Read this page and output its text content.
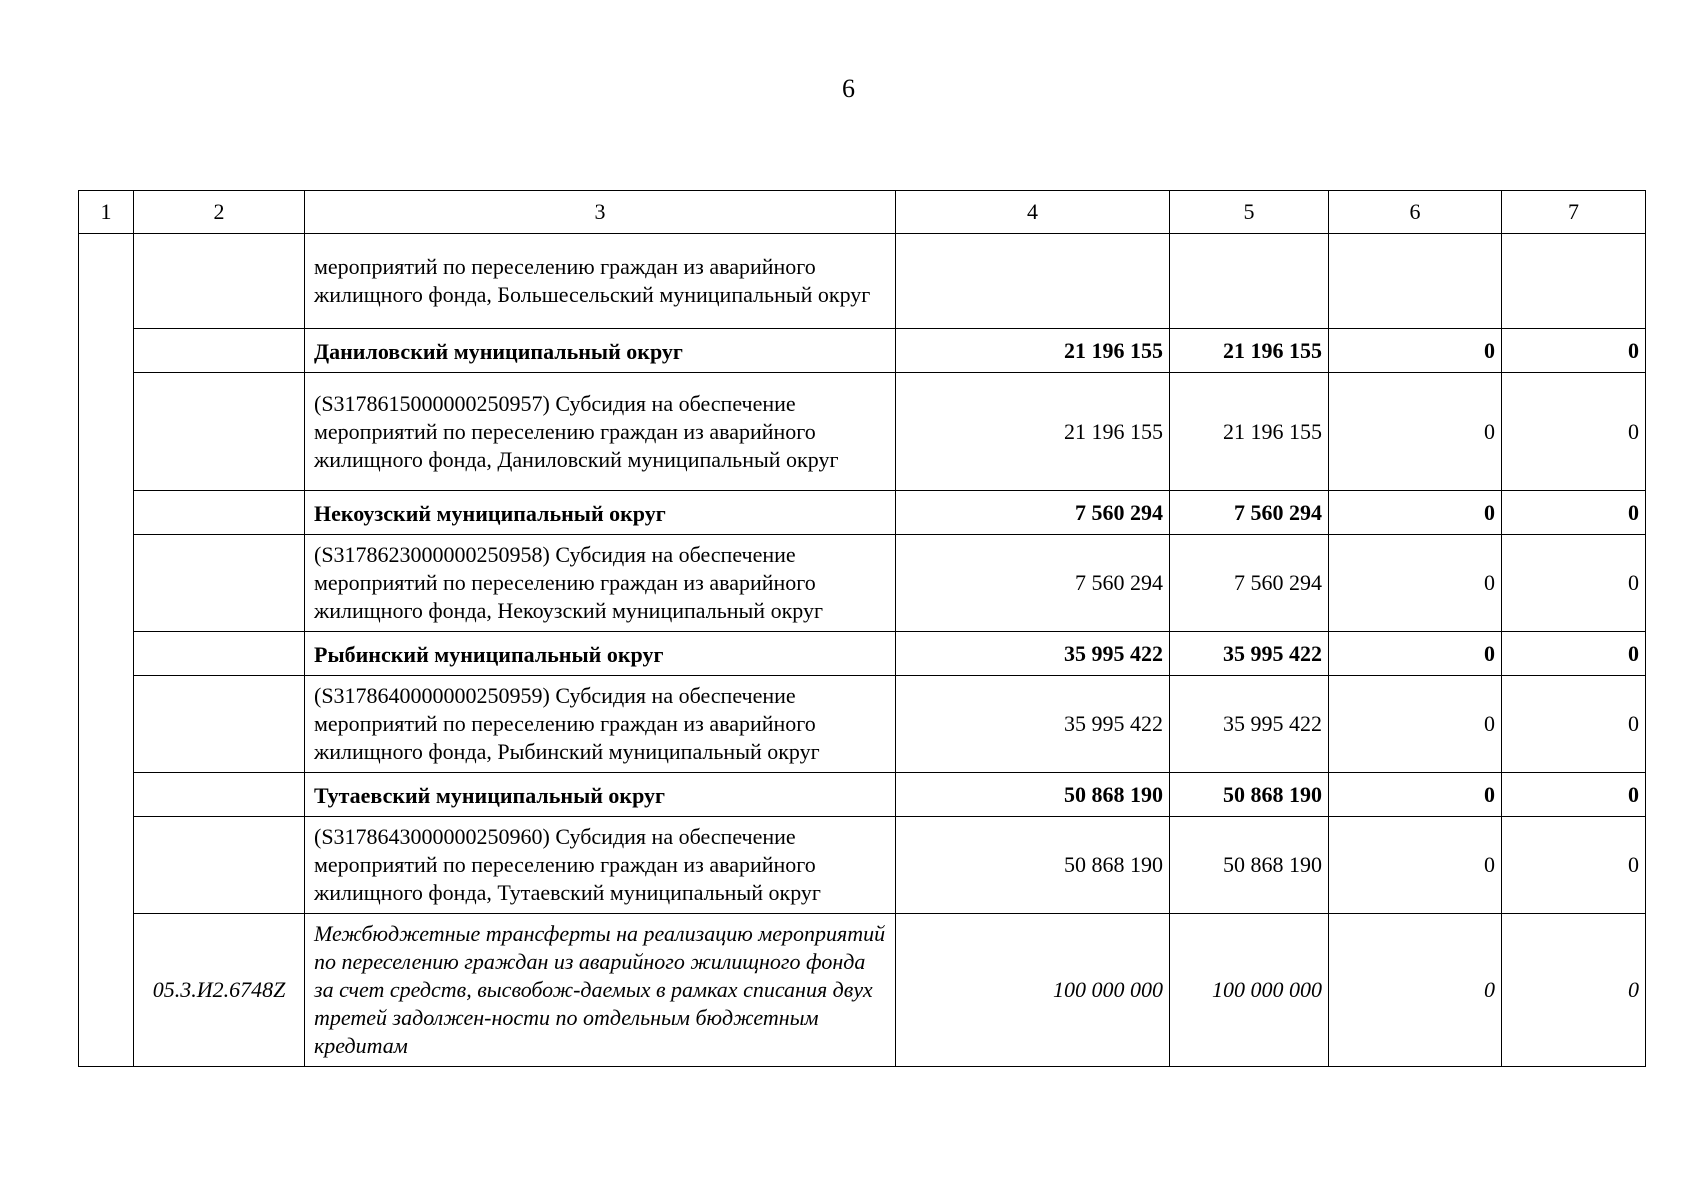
6
1	2	3	4	5	6	7
		мероприятий по переселению граждан из аварийного жилищного фонда, Большесельский муниципальный округ				
		Даниловский муниципальный округ	21 196 155	21 196 155	0	0
		(S3178615000000250957) Субсидия на обеспечение мероприятий по переселению граждан из аварийного жилищного фонда, Даниловский муниципальный округ	21 196 155	21 196 155	0	0
		Некоузский муниципальный округ	7 560 294	7 560 294	0	0
		(S3178623000000250958) Субсидия на обеспечение мероприятий по переселению граждан из аварийного жилищного фонда, Некоузский муниципальный округ	7 560 294	7 560 294	0	0
		Рыбинский муниципальный округ	35 995 422	35 995 422	0	0
		(S3178640000000250959) Субсидия на обеспечение мероприятий по переселению граждан из аварийного жилищного фонда, Рыбинский муниципальный округ	35 995 422	35 995 422	0	0
		Тутаевский муниципальный округ	50 868 190	50 868 190	0	0
		(S3178643000000250960) Субсидия на обеспечение мероприятий по переселению граждан из аварийного жилищного фонда, Тутаевский муниципальный округ	50 868 190	50 868 190	0	0
	05.3.И2.6748Z	Межбюджетные трансферты на реализацию мероприятий по переселению граждан из аварийного жилищного фонда за счет средств, высвобож-даемых в рамках списания двух третей задолжен-ности по отдельным бюджетным кредитам	100 000 000	100 000 000	0	0
